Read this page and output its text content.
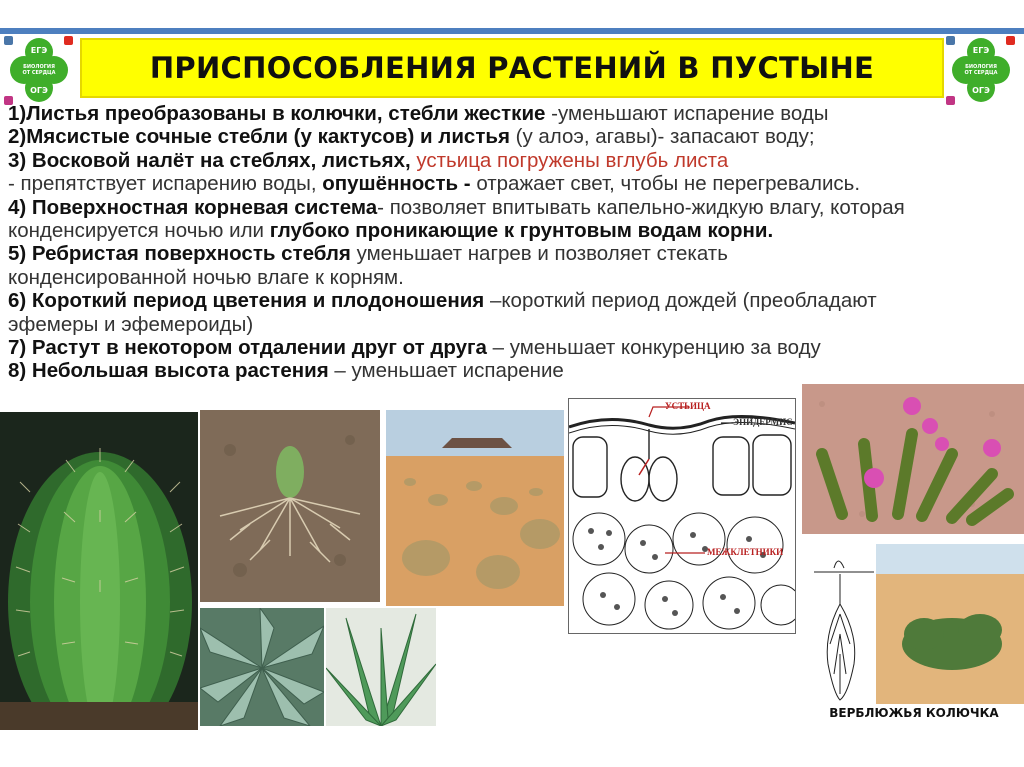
ЕГЭ
БИОЛОГИЯ
ОТ СЕРДЦА
ОГЭ
ПРИСПОСОБЛЕНИЯ РАСТЕНИЙ В ПУСТЫНЕ
ЕГЭ
БИОЛОГИЯ
ОТ СЕРДЦА
ОГЭ
1)Листья преобразованы в колючки, стебли жесткие -уменьшают испарение воды
2)Мясистые сочные стебли (у кактусов) и листья (у алоэ, агавы)- запасают воду;
3) Восковой налёт на стеблях, листьях, устьица погружены вглубь листа
- препятствует испарению воды, опушённость - отражает свет, чтобы не перегревались.
4) Поверхностная корневая система- позволяет впитывать капельно-жидкую влагу, которая
конденсируется ночью или глубоко проникающие к грунтовым водам корни.
5) Ребристая поверхность стебля уменьшает нагрев и позволяет стекать
конденсированной ночью влаге к корням.
6) Короткий период цветения и плодоношения –короткий период дождей (преобладают
эфемеры и эфемероиды)
7) Растут в некотором отдалении друг от друга – уменьшает конкуренцию за воду
8) Небольшая высота растения – уменьшает испарение
УСТЬИЦА
ЭПИДЕРМИС
МЕЖКЛЕТНИКИ
ВЕРБЛЮЖЬЯ КОЛЮЧКА
